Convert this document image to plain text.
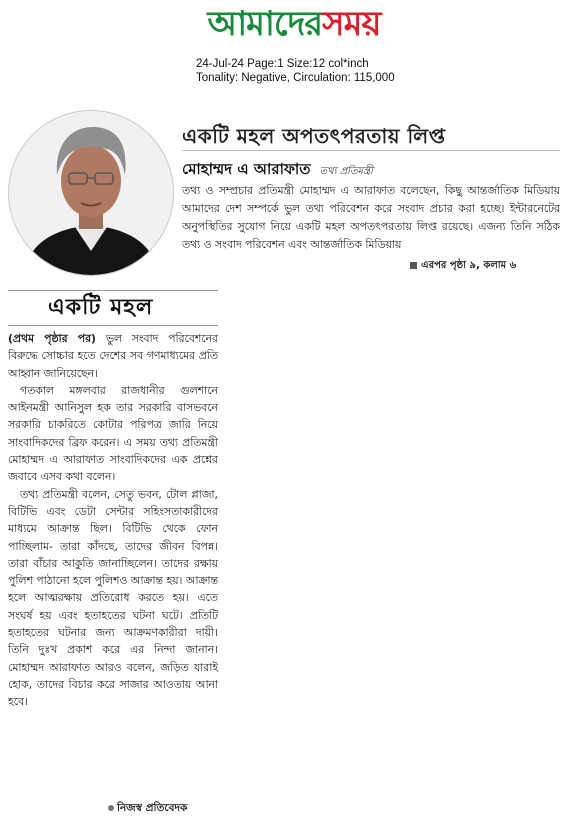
আমাদেরসময়
24-Jul-24 Page:1 Size:12 col*inch
Tonality: Negative, Circulation: 115,000
একটি মহল অপতৎপরতায় লিপ্ত
মোহাম্মদ এ আরাফাত তথ্য প্রতিমন্ত্রী

তথ্য ও সম্প্রচার প্রতিমন্ত্রী মোহাম্মদ এ আরাফাত বলেছেন, কিছু আন্তর্জাতিক মিডিয়ায় আমাদের দেশ সম্পর্কে ভুল তথ্য পরিবেশন করে সংবাদ প্রচার করা হচ্ছে। ইন্টারনেটের অনুপস্থিতির সুযোগ নিয়ে একটি মহল অপতৎপরতায় লিপ্ত রয়েছে। এজন্য তিনি সঠিক তথ্য ও সংবাদ পরিবেশন এবং আন্তর্জাতিক মিডিয়ায়

এরপর পৃষ্ঠা ৯, কলাম ৬
একটি মহল

(প্রথম পৃষ্ঠার পর) ভুল সংবাদ পরিবেশনের বিরুদ্ধে সোচ্চার হতে দেশের সব গণমাধ্যমের প্রতি আহ্বান জানিয়েছেন।

গতকাল মঙ্গলবার রাজধানীর গুলশানে আইনমন্ত্রী আনিসুল হক তার সরকারি বাসভবনে সরকারি চাকরিতে কোটার পরিপত্র জারি নিয়ে সাংবাদিকদের ব্রিফ করেন। এ সময় তথ্য প্রতিমন্ত্রী মোহাম্মদ এ আরাফাত সাংবাদিকদের এক প্রশ্নের জবাবে এসব কথা বলেন।

তথ্য প্রতিমন্ত্রী বলেন, সেতু ভবন, টোল প্লাজা, বিটিভি এবং ডেটা সেন্টার সহিংসতাকারীদের মাধ্যমে আক্রান্ত ছিল। বিটিভি থেকে ফোন পাচ্ছিলাম- তারা কাঁদছে, তাদের জীবন বিপন্ন। তারা বাঁচার আকুতি জানাচ্ছিলেন। তাদের রক্ষায় পুলিশ পাঠানো হলে পুলিশও আক্রান্ত হয়। আক্রান্ত হলে আত্মরক্ষায় প্রতিরোধ করতে হয়। এতে সংঘর্ষ হয় এবং হতাহতের ঘটনা ঘটে। প্রতিটি হতাহতের ঘটনার জন্য আক্রমণকারীরা দায়ী। তিনি দুঃখ প্রকাশ করে এর নিন্দা জানান। মোহাম্মদ আরাফাত আরও বলেন, জড়িত যারাই হোক, তাদের বিচার করে সাজার আওতায় আনা হবে।

নিজস্ব প্রতিবেদক
